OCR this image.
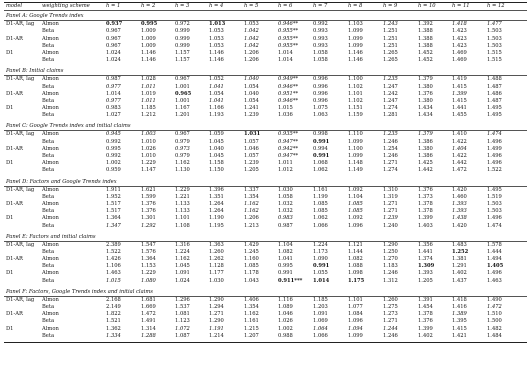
model	weighting scheme	h = 1	h = 2	h = 3	h = 4	h = 5	h = 6	h = 7	h = 8	h = 9	h = 10	h = 11	h = 12
Panel A: Google Trends index
D1-AR, lag Almon	0.937	0.995	0.972	1.013	1.053	0.946**	0.992	1.103	1.243	1.392	1.418	1.477
Beta	0.967	1.009	0.999	1.053	1.042	0.955**	0.993	1.099	1.251	1.388	1.423	1.503
D1-AR	Almon	0.967	1.009	0.999	1.053	1.042	0.955**	0.993	1.099	1.251	1.388	1.423	1.503
Beta	0.967	1.009	0.999	1.053	1.042	0.955**	0.993	1.099	1.251	1.388	1.423	1.503
D1	Almon	1.024	1.146	1.157	1.146	1.206	1.014	1.058	1.146	1.265	1.452	1.469	1.515
Beta	1.024	1.146	1.157	1.146	1.206	1.014	1.058	1.146	1.265	1.452	1.469	1.515
Panel B: Initial claims
D1-AR, lag Almon	0.987	1.028	0.967	1.052	1.040	0.949**	0.996	1.100	1.235	1.379	1.419	1.488
Beta	0.977	1.011	1.001	1.041	1.054	0.946**	0.996	1.102	1.247	1.380	1.415	1.487
D1-AR	Almon	1.014	1.019	0.965	1.054	1.040	0.951**	0.996	1.101	1.242	1.376	1.399	1.486
Beta	0.977	1.011	1.001	1.041	1.054	0.946**	0.996	1.102	1.247	1.380	1.415	1.487
D1	Almon	0.983	1.185	1.167	1.166	1.241	1.015	1.075	1.151	1.274	1.434	1.441	1.495
Beta	1.027	1.212	1.201	1.193	1.239	1.036	1.063	1.159	1.281	1.434	1.455	1.495
Panel C: Google Trends index and initial claims
D1-AR, lag Almon	0.945	1.003	0.967	1.059	1.031	0.935**	0.998	1.110	1.235	1.379	1.410	1.474
Beta	0.992	1.010	0.979	1.045	1.057	0.947**	0.991	1.099	1.246	1.386	1.422	1.496
D1-AR	Almon	0.995	1.026	0.973	1.040	1.046	0.942**	0.994	1.100	1.254	1.380	1.404	1.499
Beta	0.992	1.010	0.979	1.045	1.057	0.947**	0.991	1.099	1.246	1.386	1.422	1.496
D1	Almon	1.002	1.229	1.162	1.158	1.239	1.011	1.068	1.148	1.271	1.425	1.442	1.496
Beta	0.959	1.147	1.130	1.150	1.205	1.012	1.062	1.149	1.274	1.442	1.472	1.522
Panel D: Factors and Google Trends index
D1-AR, lag Almon	1.911	1.621	1.229	1.396	1.337	1.030	1.161	1.092	1.310	1.376	1.420	1.495
Beta	1.952	1.599	1.221	1.351	1.354	1.058	1.199	1.104	1.319	1.373	1.460	1.519
D1-AR	Almon	1.517	1.376	1.133	1.264	1.162	1.032	1.085	1.085	1.271	1.378	1.393	1.503
Beta	1.517	1.376	1.133	1.264	1.162	1.032	1.085	1.085	1.271	1.378	1.393	1.503
D1	Almon	1.364	1.301	1.101	1.190	1.206	0.983	1.062	1.092	1.239	1.399	1.438	1.496
Beta	1.347	1.292	1.108	1.195	1.213	0.987	1.066	1.096	1.240	1.403	1.420	1.474
Panel E: Factors and initial claims
D1-AR, lag Almon	2.389	1.547	1.316	1.363	1.429	1.104	1.224	1.121	1.290	1.356	1.483	1.578
Beta	1.522	1.576	1.224	1.260	1.245	1.082	1.173	1.144	1.250	1.441	1.252	1.444
D1-AR	Almon	1.426	1.364	1.162	1.262	1.160	1.041	1.090	1.082	1.270	1.374	1.381	1.494
Beta	1.106	1.153	1.045	1.128	1.085	0.995	0.991	1.088	1.183	1.309	1.291	1.405
D1	Almon	1.463	1.229	1.091	1.177	1.178	0.991	1.055	1.098	1.246	1.393	1.402	1.496
Beta	1.015	1.080	1.024	1.030	1.043	0.911*** 1.014	1.175	1.312	1.205	1.437	1.463
Panel F: Factors, Google Trends index and initial claims
D1-AR, lag Almon	2.168	1.681	1.296	1.290	1.406	1.116	1.185	1.101	1.260	1.391	1.418	1.490
Beta	2.149	1.669	1.537	1.294	1.354	1.089	1.203	1.077	1.275	1.454	1.416	1.472
D1-AR	Almon	1.822	1.472	1.081	1.271	1.162	1.046	1.091	1.084	1.273	1.378	1.389	1.510
Beta	1.521	1.491	1.123	1.290	1.161	1.026	1.069	1.096	1.271	1.376	1.395	1.500
D1	Almon	1.362	1.314	1.072	1.191	1.215	1.002	1.064	1.094	1.244	1.399	1.415	1.482
Beta	1.334	1.288	1.087	1.214	1.207	0.988	1.066	1.099	1.246	1.402	1.421	1.484
